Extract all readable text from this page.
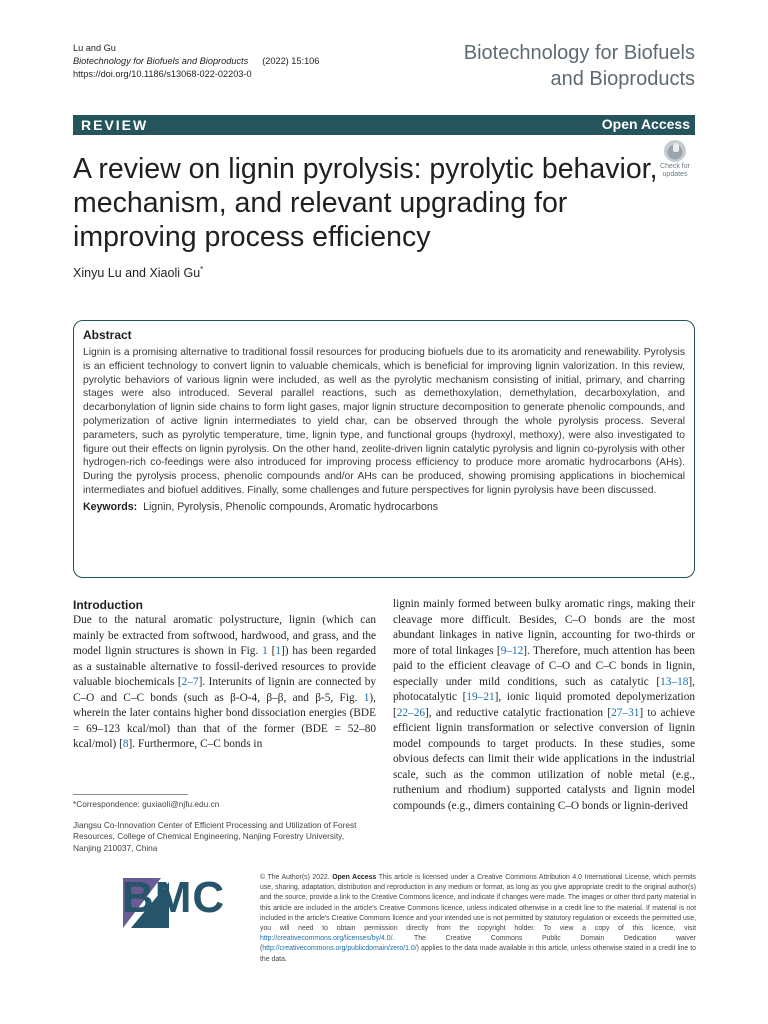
Lu and Gu
Biotechnology for Biofuels and Bioproducts (2022) 15:106
https://doi.org/10.1186/s13068-022-02203-0
Biotechnology for Biofuels
and Bioproducts
REVIEW	Open Access
Check for
updates
A review on lignin pyrolysis: pyrolytic behavior, mechanism, and relevant upgrading for improving process efficiency
Xinyu Lu and Xiaoli Gu*
Abstract

Lignin is a promising alternative to traditional fossil resources for producing biofuels due to its aromaticity and renewability. Pyrolysis is an efficient technology to convert lignin to valuable chemicals, which is beneficial for improving lignin valorization. In this review, pyrolytic behaviors of various lignin were included, as well as the pyrolytic mechanism consisting of initial, primary, and charring stages were also introduced. Several parallel reactions, such as demethoxylation, demethylation, decarboxylation, and decarbonylation of lignin side chains to form light gases, major lignin structure decomposition to generate phenolic compounds, and polymerization of active lignin intermediates to yield char, can be observed through the whole pyrolysis process. Several parameters, such as pyrolytic temperature, time, lignin type, and functional groups (hydroxyl, methoxy), were also investigated to figure out their effects on lignin pyrolysis. On the other hand, zeolite-driven lignin catalytic pyrolysis and lignin co-pyrolysis with other hydrogen-rich co-feedings were also introduced for improving process efficiency to produce more aromatic hydrocarbons (AHs). During the pyrolysis process, phenolic compounds and/or AHs can be produced, showing promising applications in biochemical intermediates and biofuel additives. Finally, some challenges and future perspectives for lignin pyrolysis have been discussed.

Keywords: Lignin, Pyrolysis, Phenolic compounds, Aromatic hydrocarbons
Introduction

Due to the natural aromatic polystructure, lignin (which can mainly be extracted from softwood, hardwood, and grass, and the model lignin structures is shown in Fig. 1 [1]) has been regarded as a sustainable alternative to fossil-derived resources to provide valuable biochemicals [2–7]. Interunits of lignin are connected by C–O and C–C bonds (such as β-O-4, β–β, and β-5, Fig. 1), wherein the later contains higher bond dissociation energies (BDE = 69–123 kcal/mol) than that of the former (BDE = 52–80 kcal/mol) [8]. Furthermore, C–C bonds in

lignin mainly formed between bulky aromatic rings, making their cleavage more difficult. Besides, C–O bonds are the most abundant linkages in native lignin, accounting for two-thirds or more of total linkages [9–12]. Therefore, much attention has been paid to the efficient cleavage of C–O and C–C bonds in lignin, especially under mild conditions, such as catalytic [13–18], photocatalytic [19–21], ionic liquid promoted depolymerization [22–26], and reductive catalytic fractionation [27–31] to achieve efficient lignin transformation or selective conversion of lignin model compounds to target products. In these studies, some obvious defects can limit their wide applications in the industrial scale, such as the common utilization of noble metal (e.g., ruthenium and rhodium) supported catalysts and lignin model compounds (e.g., dimers containing C–O bonds or lignin-derived

*Correspondence: guxiaoli@njfu.edu.cn
Jiangsu Co-Innovation Center of Efficient Processing and Utilization of Forest Resources, College of Chemical Engineering, Nanjing Forestry University, Nanjing 210037, China
BMC	© The Author(s) 2022. Open Access This article is licensed under a Creative Commons Attribution 4.0 International License, which permits use, sharing, adaptation, distribution and reproduction in any medium or format, as long as you give appropriate credit to the original author(s) and the source, provide a link to the Creative Commons licence, and indicate if changes were made. The images or other third party material in this article are included in the article's Creative Commons licence, unless indicated otherwise in a credit line to the material. If material is not included in the article's Creative Commons licence and your intended use is not permitted by statutory regulation or exceeds the permitted use, you will need to obtain permission directly from the copyright holder. To view a copy of this licence, visit http://creativecommons.org/licenses/by/4.0/. The Creative Commons Public Domain Dedication waiver (http://creativecommons.org/publicdomain/zero/1.0/) applies to the data made available in this article, unless otherwise stated in a credit line to the data.
